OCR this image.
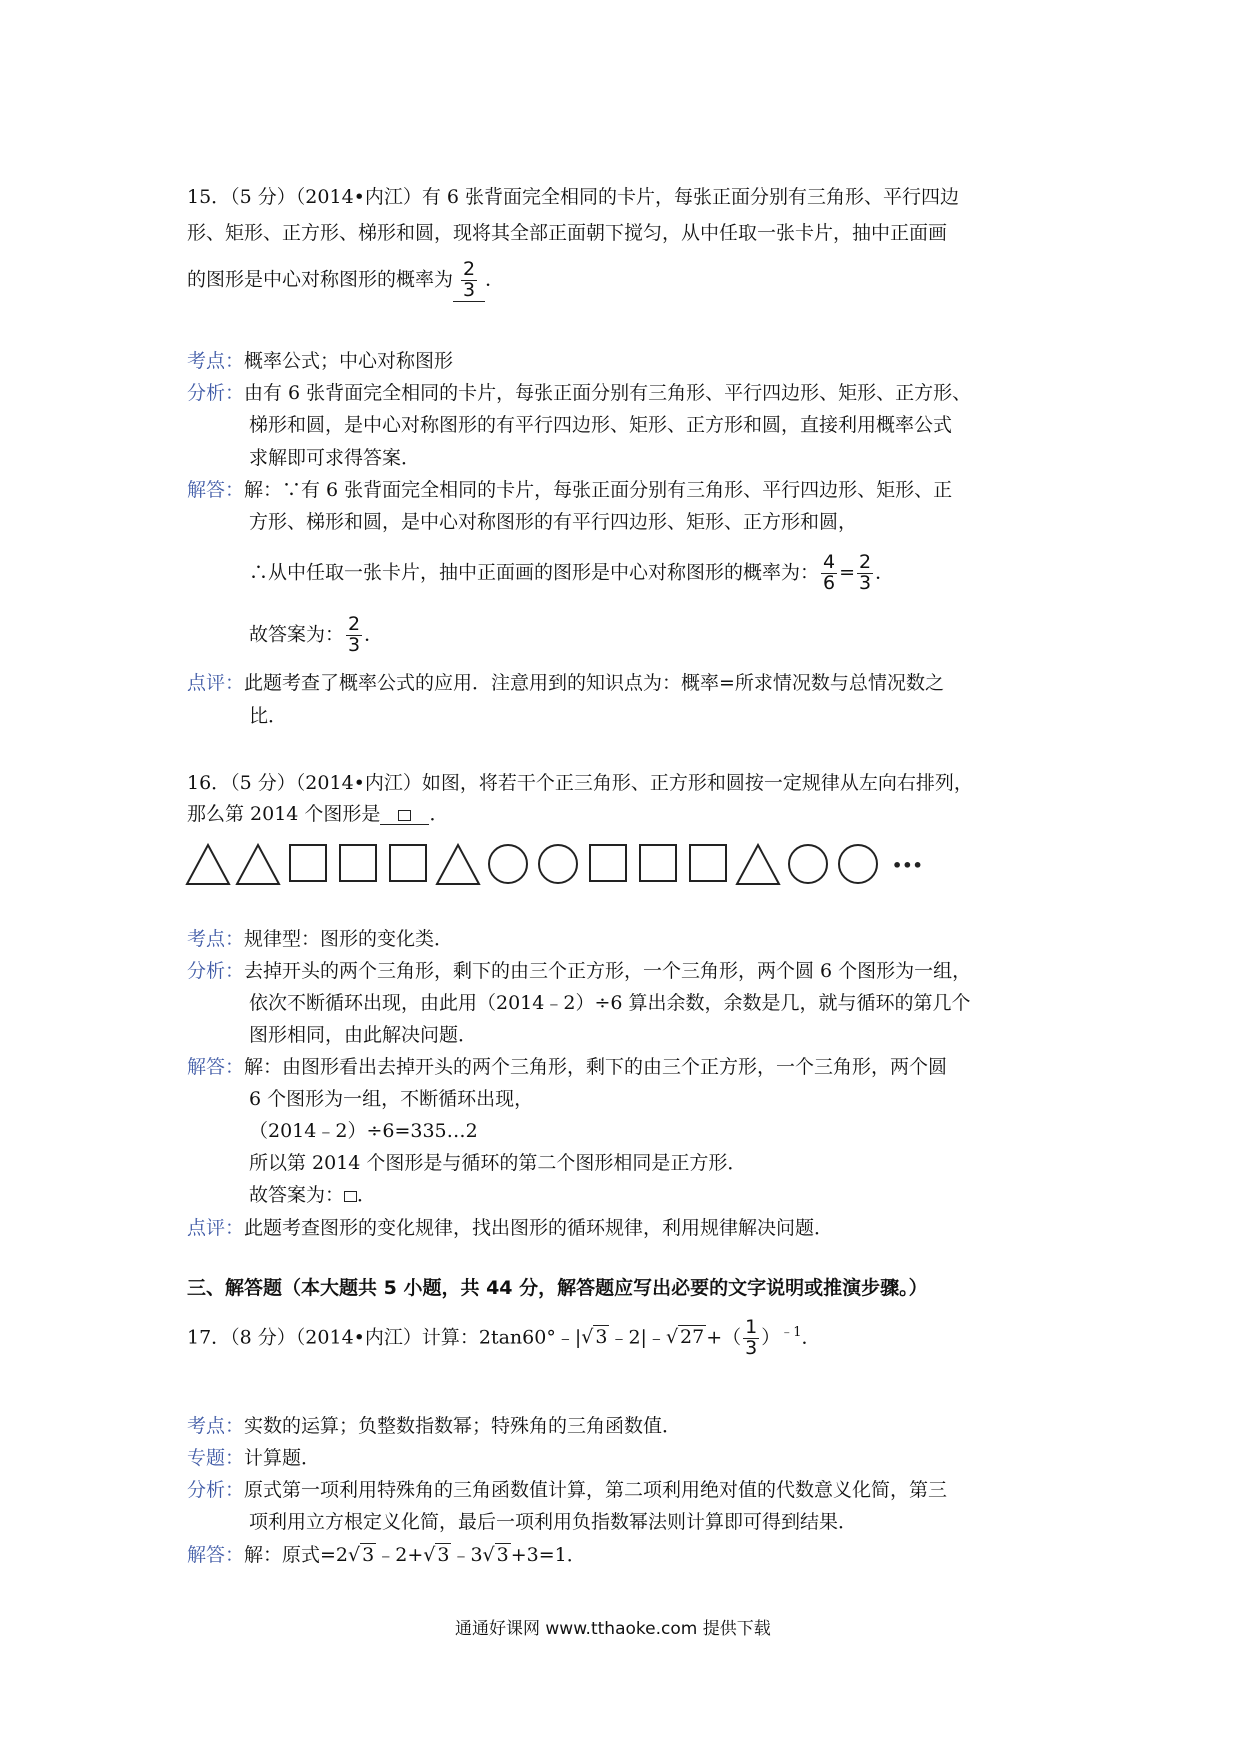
15．（5 分）（2014•内江）有 6 张背面完全相同的卡片，每张正面分别有三角形、平行四边
形、矩形、正方形、梯形和圆，现将其全部正面朝下搅匀，从中任取一张卡片，抽中正面画
的图形是中心对称图形的概率为 $\frac{2}{3}$ ．
考点：概率公式；中心对称图形
分析：由有 6 张背面完全相同的卡片，每张正面分别有三角形、平行四边形、矩形、正方形、
梯形和圆，是中心对称图形的有平行四边形、矩形、正方形和圆，直接利用概率公式
求解即可求得答案．
解答：解：∵有 6 张背面完全相同的卡片，每张正面分别有三角形、平行四边形、矩形、正
方形、梯形和圆，是中心对称图形的有平行四边形、矩形、正方形和圆，
∴从中任取一张卡片，抽中正面画的图形是中心对称图形的概率为： $\frac{4}{6} = \frac{2}{3}$ ．
故答案为： $\frac{2}{3}$ ．
点评：此题考查了概率公式的应用．注意用到的知识点为：概率=所求情况数与总情况数之
比．
16．（5 分）（2014•内江）如图，将若干个正三角形、正方形和圆按一定规律从左向右排列，
那么第 2014 个图形是	．
•••
考点：规律型：图形的变化类．
分析：去掉开头的两个三角形，剩下的由三个正方形，一个三角形，两个圆 6 个图形为一组，
依次不断循环出现，由此用（2014﹣2）÷6 算出余数，余数是几，就与循环的第几个
图形相同，由此解决问题．
解答：解：由图形看出去掉开头的两个三角形，剩下的由三个正方形，一个三角形，两个圆
6 个图形为一组，不断循环出现，
（2014﹣2）÷6=335…2
所以第 2014 个图形是与循环的第二个图形相同是正方形．
故答案为： ．
点评：此题考查图形的变化规律，找出图形的循环规律，利用规律解决问题．
三、解答题（本大题共 5 小题，共 44 分，解答题应写出必要的文字说明或推演步骤。）
17．（8 分）（2014•内江）计算：2tan60°﹣|√ 3 ﹣2|﹣√ 27 +（ $\frac{1}{3} )^{﹣1}$．
考点：实数的运算；负整数指数幂；特殊角的三角函数值．
专题：计算题．
分析：原式第一项利用特殊角的三角函数值计算，第二项利用绝对值的代数意义化简，第三
项利用立方根定义化简，最后一项利用负指数幂法则计算即可得到结果．
解答：解：原式=2√ 3 ﹣2+√ 3 ﹣3√ 3 +3=1．
通通好课网 www.tthaoke.com 提供下载
